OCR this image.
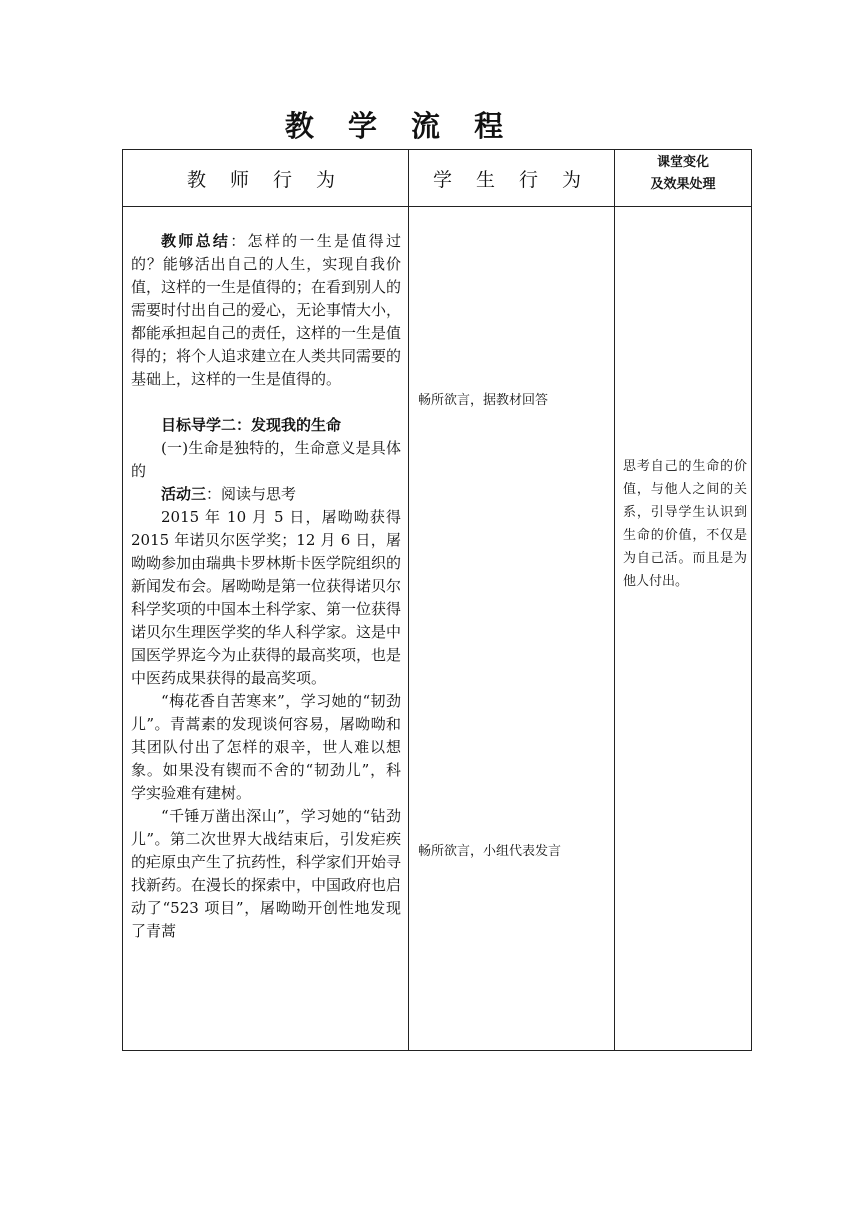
教 学 流 程
教 师 行 为	学 生 行 为
课堂变化
及效果处理

教师总结：怎样的一生是值得过的？能够活出自己的人生，实现自我价值，这样的一生是值得的；在看到别人的需要时付出自己的爱心，无论事情大小，都能承担起自己的责任，这样的一生是值得的；将个人追求建立在人类共同需要的基础上，这样的一生是值得的。

目标导学二：发现我的生命

(一)生命是独特的，生命意义是具体的

活动三：阅读与思考

2015 年 10 月 5 日，屠呦呦获得 2015 年诺贝尔医学奖；12 月 6 日，屠呦呦参加由瑞典卡罗林斯卡医学院组织的新闻发布会。屠呦呦是第一位获得诺贝尔科学奖项的中国本土科学家、第一位获得诺贝尔生理医学奖的华人科学家。这是中国医学界迄今为止获得的最高奖项，也是中医药成果获得的最高奖项。

“梅花香自苦寒来”，学习她的“韧劲儿”。青蒿素的发现谈何容易，屠呦呦和其团队付出了怎样的艰辛，世人难以想象。如果没有锲而不舍的“韧劲儿”，科学实验难有建树。

“千锤万凿出深山”，学习她的“钻劲儿”。第二次世界大战结束后，引发疟疾的疟原虫产生了抗药性，科学家们开始寻找新药。在漫长的探索中，中国政府也启动了“523 项目”，屠呦呦开创性地发现了青蒿

畅所欲言，据教材回答
畅所欲言，小组代表发言
思考自己的生命的价值，与他人之间的关系，引导学生认识到生命的价值，不仅是为自己活。而且是为他人付出。
